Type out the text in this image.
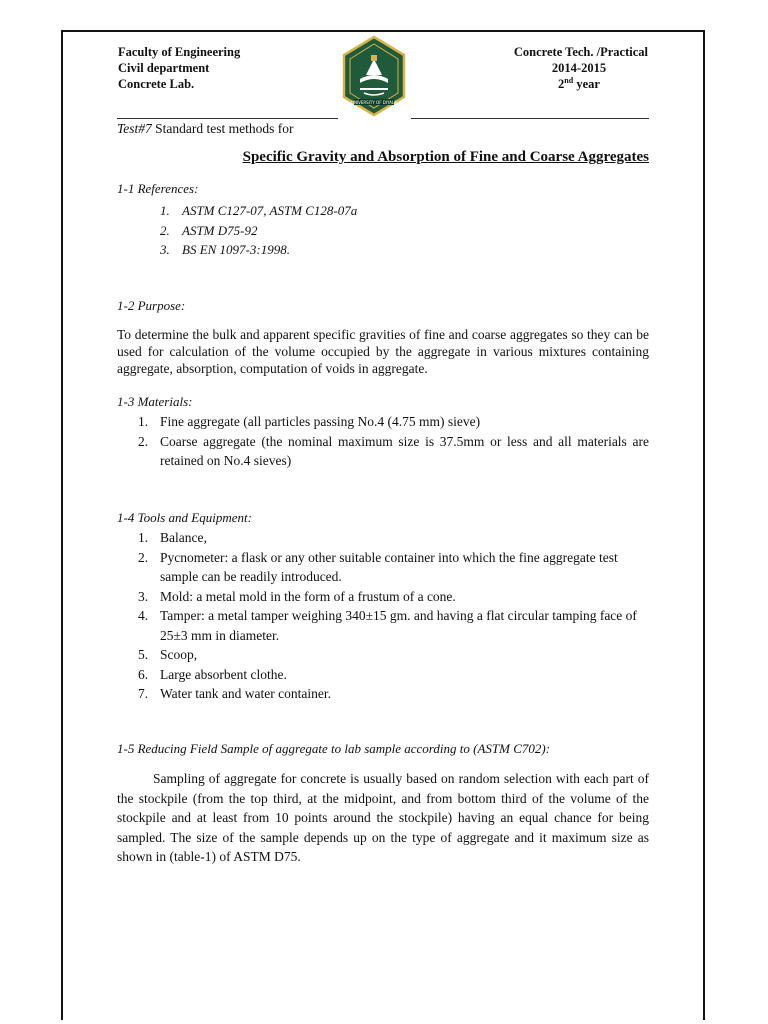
Faculty of Engineering
Civil department
Concrete Lab.
UNIVERSITY OF DIYALA
Concrete Tech. /Practical
2014-2015
2nd year
Test#7 Standard test methods for
Specific Gravity and Absorption of Fine and Coarse Aggregates
1-1 References:
1. ASTM C127-07, ASTM C128-07a
2. ASTM D75-92
3. BS EN 1097-3:1998.
1-2 Purpose:
To determine the bulk and apparent specific gravities of fine and coarse aggregates so they can be used for calculation of the volume occupied by the aggregate in various mixtures containing aggregate, absorption, computation of voids in aggregate.
1-3 Materials:
1. Fine aggregate (all particles passing No.4 (4.75 mm) sieve)
2. Coarse aggregate (the nominal maximum size is 37.5mm or less and all materials are retained on No.4 sieves)
1-4 Tools and Equipment:
1. Balance,
2. Pycnometer: a flask or any other suitable container into which the fine aggregate test sample can be readily introduced.
3. Mold: a metal mold in the form of a frustum of a cone.
4. Tamper: a metal tamper weighing 340±15 gm. and having a flat circular tamping face of 25±3 mm in diameter.
5. Scoop,
6. Large absorbent clothe.
7. Water tank and water container.
1-5 Reducing Field Sample of aggregate to lab sample according to (ASTM C702):
Sampling of aggregate for concrete is usually based on random selection with each part of the stockpile (from the top third, at the midpoint, and from bottom third of the volume of the stockpile and at least from 10 points around the stockpile) having an equal chance for being sampled. The size of the sample depends up on the type of aggregate and it maximum size as shown in (table-1) of ASTM D75.
